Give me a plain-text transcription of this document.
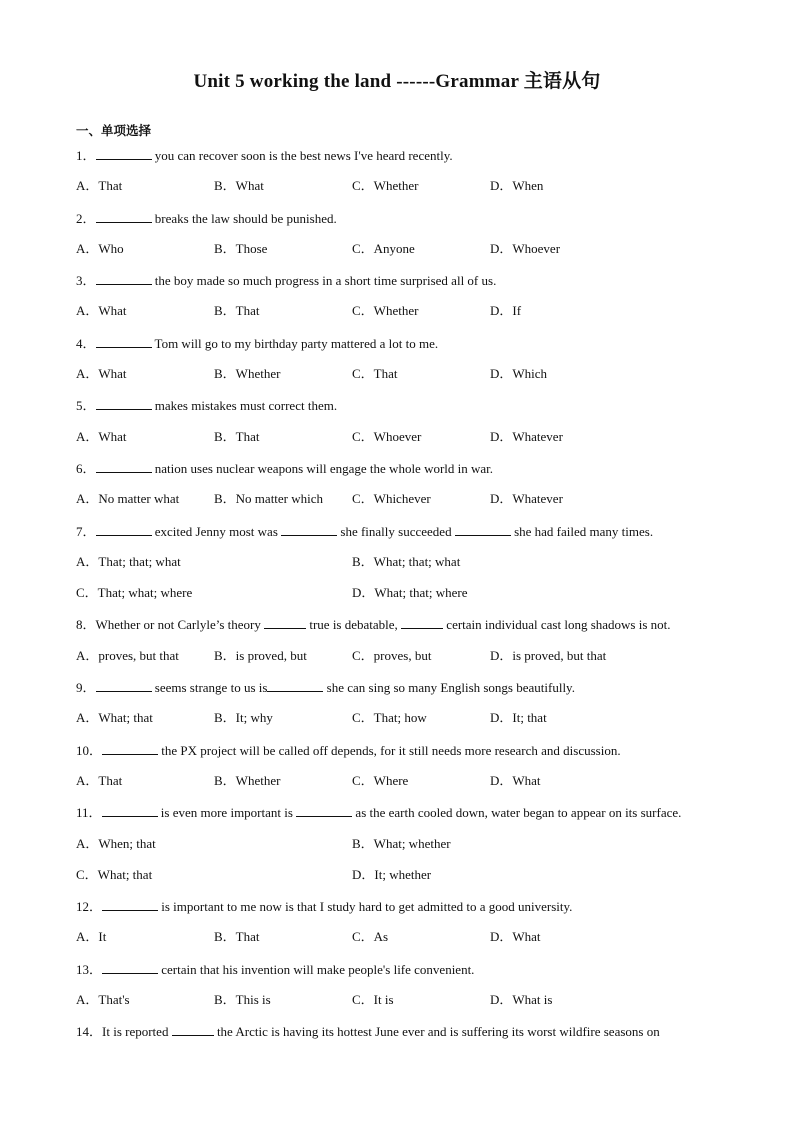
Unit 5 working the land ------Grammar 主语从句
一、单项选择
1．	you can recover soon is the best news I've heard recently.
A．That	B．What	C．Whether	D．When
2．	breaks the law should be punished.
A．Who	B．Those	C．Anyone	D．Whoever
3．	the boy made so much progress in a short time surprised all of us.
A．What	B．That	C．Whether	D．If
4．	Tom will go to my birthday party mattered a lot to me.
A．What	B．Whether	C．That	D．Which
5．	makes mistakes must correct them.
A．What	B．That	C．Whoever	D．Whatever
6．	nation uses nuclear weapons will engage the whole world in war.
A．No matter what	B．No matter which C．Whichever	D．Whatever
7．	excited Jenny most was	she finally succeeded	she had failed many times.
A．That; that; what	B．What; that; what
C．That; what; where	D．What; that; where
8．Whether or not Carlyle’s theory	true is debatable,	certain individual cast long shadows is not.
A．proves, but that	B．is proved, but	C．proves, but	D．is proved, but that
9．	seems strange to us is	she can sing so many English songs beautifully.
A．What; that	B．It; why	C．That; how	D．It; that
10．	the PX project will be called off depends, for it still needs more research and discussion.
A．That	B．Whether	C．Where	D．What
11．	is even more important is	as the earth cooled down, water began to appear on its surface.
A．When; that	B．What; whether
C．What; that	D．It; whether
12．	is important to me now is that I study hard to get admitted to a good university.
A．It	B．That	C．As	D．What
13．	certain that his invention will make people's life convenient.
A．That's	B．This is	C．It is	D．What is
14．It is reported	the Arctic is having its hottest June ever and is suffering its worst wildfire seasons on
